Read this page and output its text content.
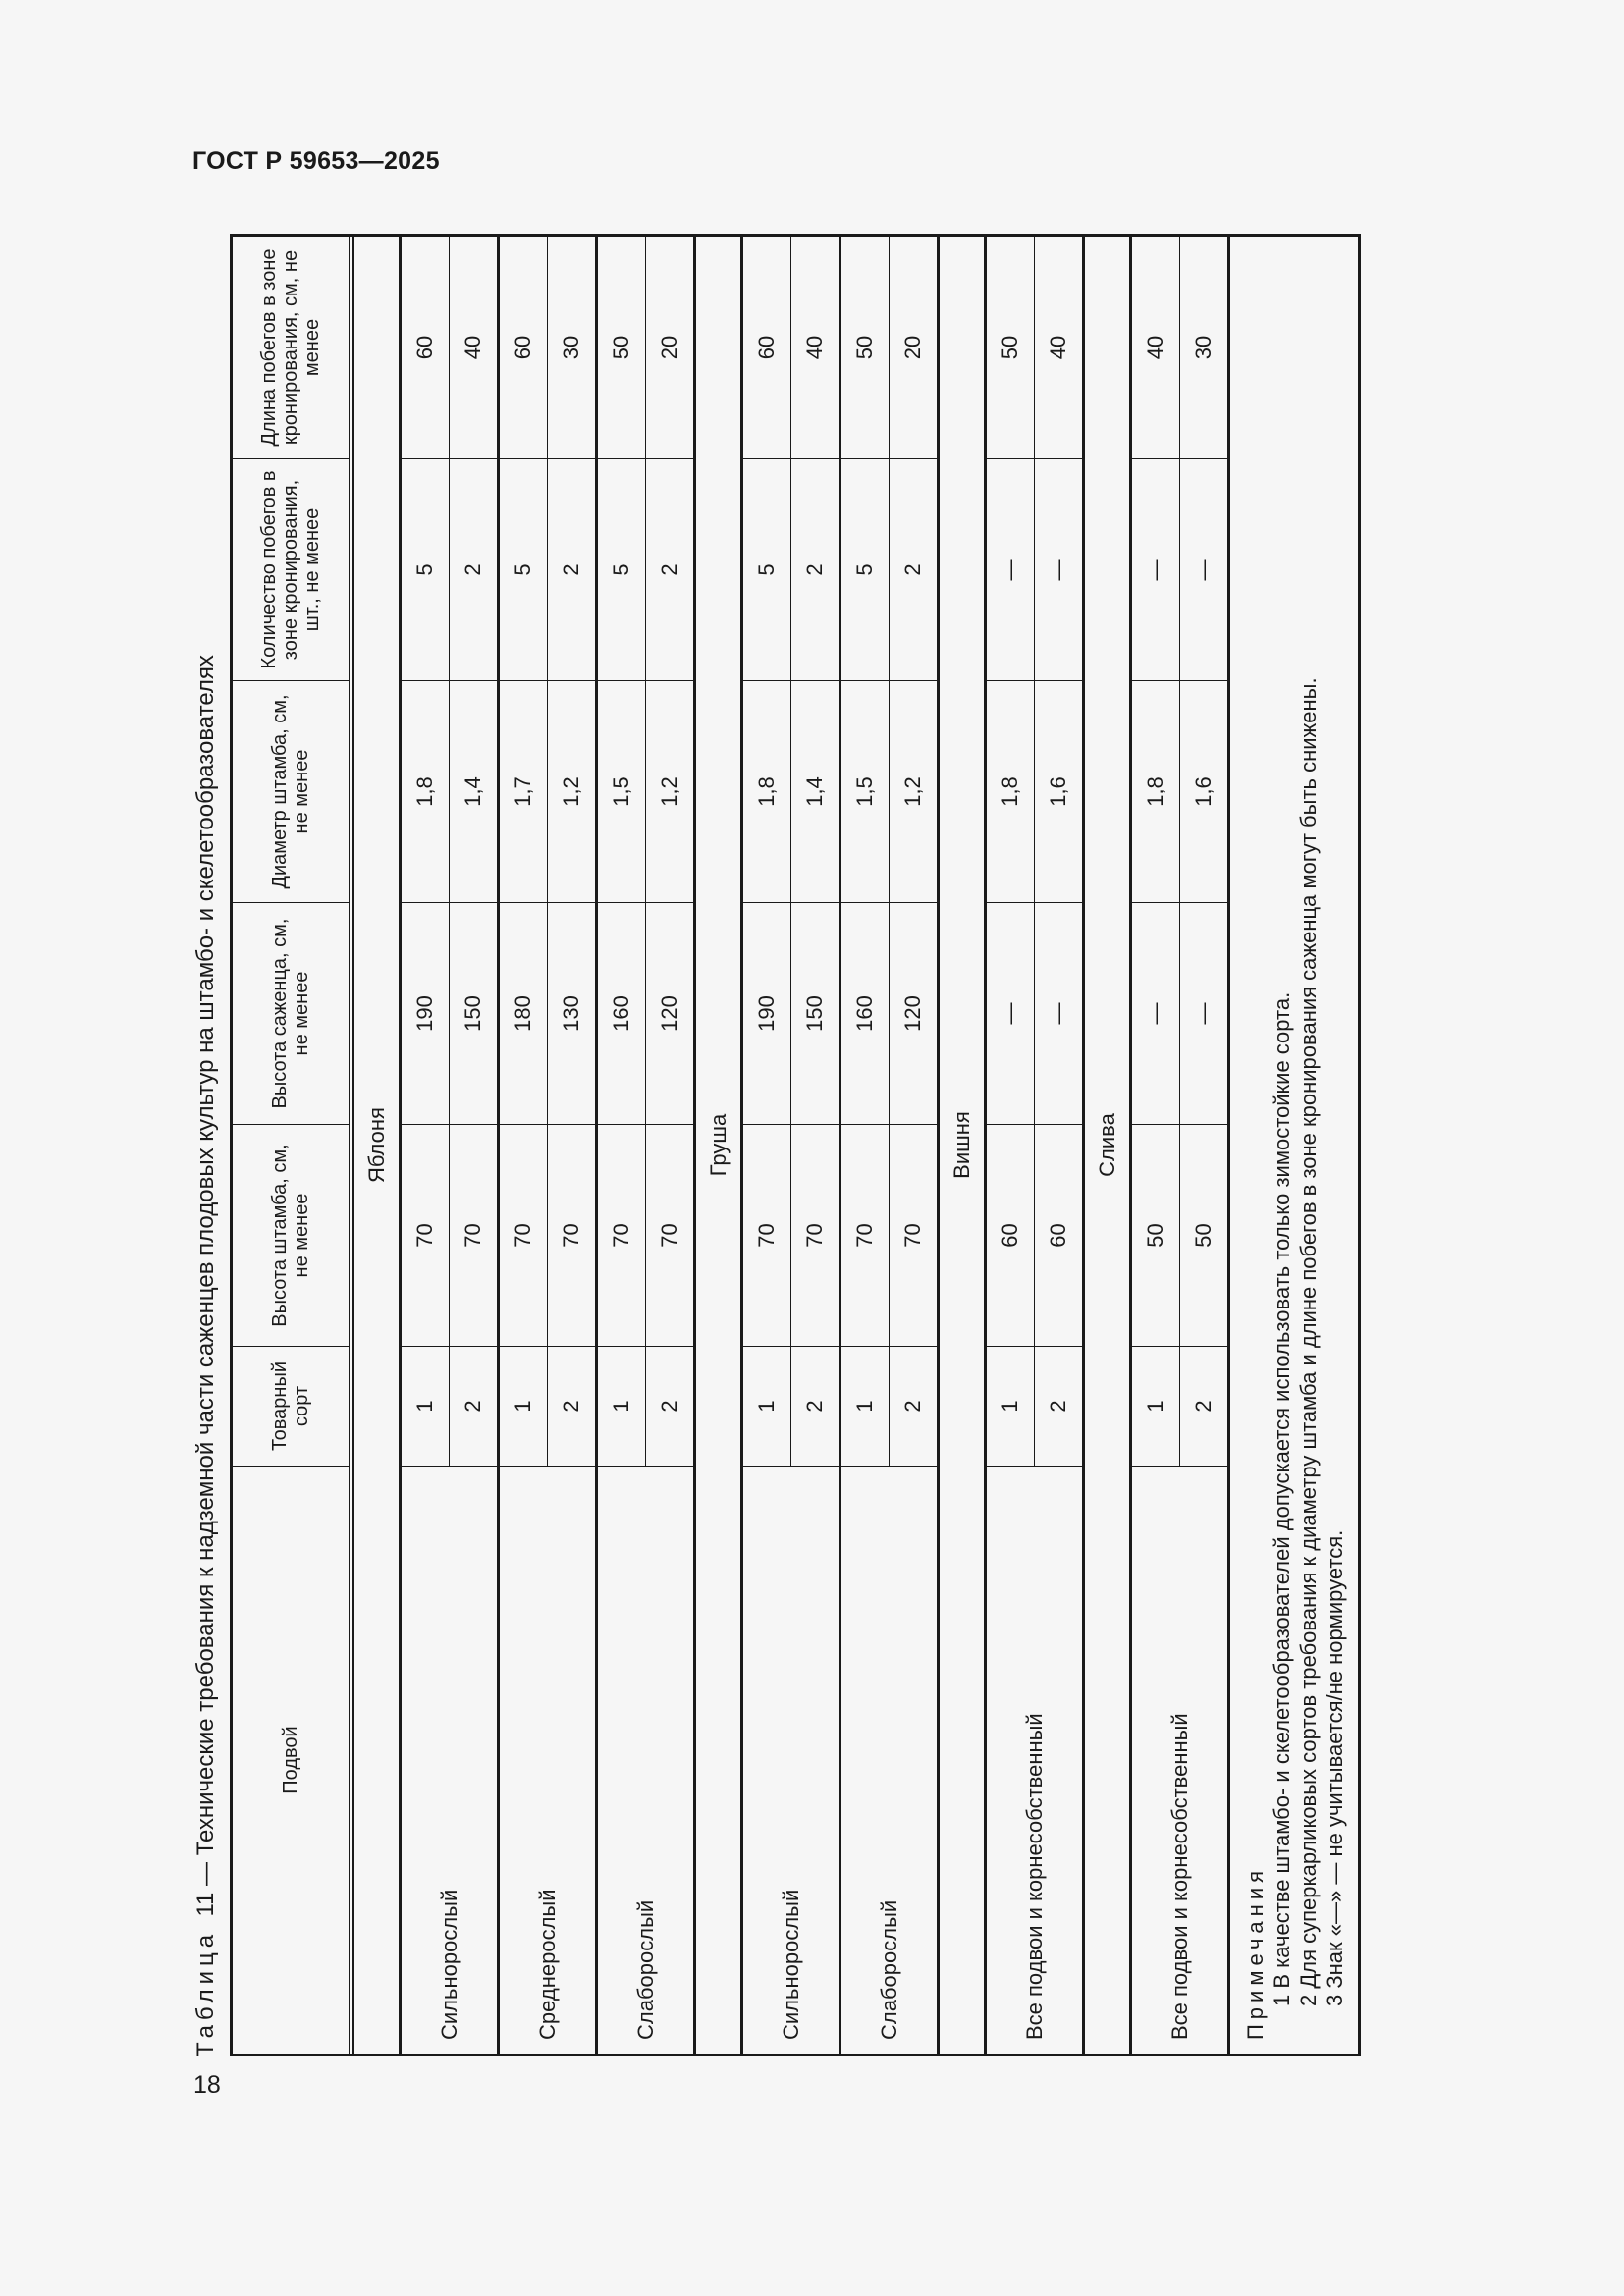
ГОСТ Р 59653—2025
18
Таблица  11 — Технические требования к надземной части саженцев плодовых культур на штамбо- и скелетообразователях	Подвой	Товарный сорт	Высота штамба, см, не менее	Высота саженца, см, не менее	Диаметр штамба, см, не менее	Количество побегов в зоне кронирования, шт., не менее	Длина побегов в зоне кронирования, см, не менее

Яблоня						
Сильнорослый	1	70	190	1,8	5	60
	2	70	150	1,4	2	40
Среднерослый	1	70	180	1,7	5	60
	2	70	130	1,2	2	30
Слаборослый	1	70	160	1,5	5	50
	2	70	120	1,2	2	20
Груша						
Сильнорослый	1	70	190	1,8	5	60
	2	70	150	1,4	2	40
Слаборослый	1	70	160	1,5	5	50
	2	70	120	1,2	2	20
Вишня						
Все подвои и корнесобственный	1	60	—	1,8	—	50
	2	60	—	1,6	—	40
Слива						
Все подвои и корнесобственный	1	50	—	1,8	—	40
	2	50	—	1,6	—	30

Примечания 1 В качестве штамбо- и скелетообразователей допускается использовать только зимостойкие сорта. 2 Для суперкарликовых сортов требования к диаметру штамба и длине побегов в зоне кронирования саженца могут быть снижены. 3 Знак «—» — не учитывается/не нормируется.						
